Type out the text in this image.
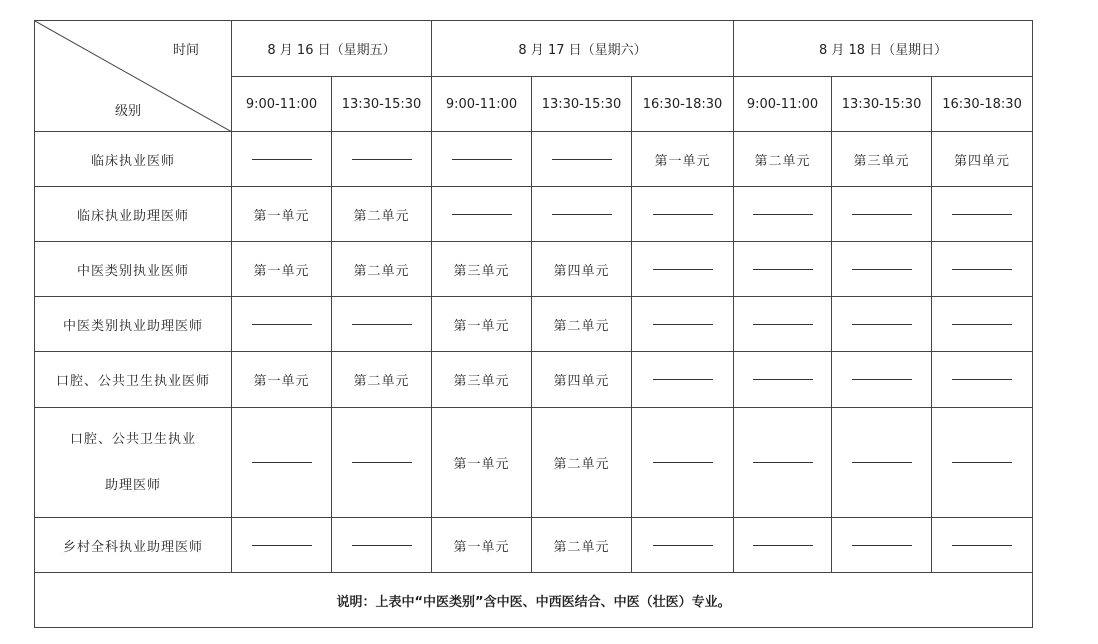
时间
级别	8 月 16 日（星期五）		8 月 17 日（星期六）			8 月 18 日（星期日）		
	9:00-11:00	13:30-15:30	9:00-11:00	13:30-15:30	16:30-18:30	9:00-11:00	13:30-15:30	16:30-18:30
临床执业医师					第一单元	第二单元	第三单元	第四单元
临床执业助理医师	第一单元	第二单元						
中医类别执业医师	第一单元	第二单元	第三单元	第四单元				
中医类别执业助理医师			第一单元	第二单元				
口腔、公共卫生执业医师	第一单元	第二单元	第三单元	第四单元				

口腔、公共卫生执业
助理医师			第一单元	第二单元				
乡村全科执业助理医师			第一单元	第二单元				
说明：上表中“中医类别”含中医、中西医结合、中医（壮医）专业。								
